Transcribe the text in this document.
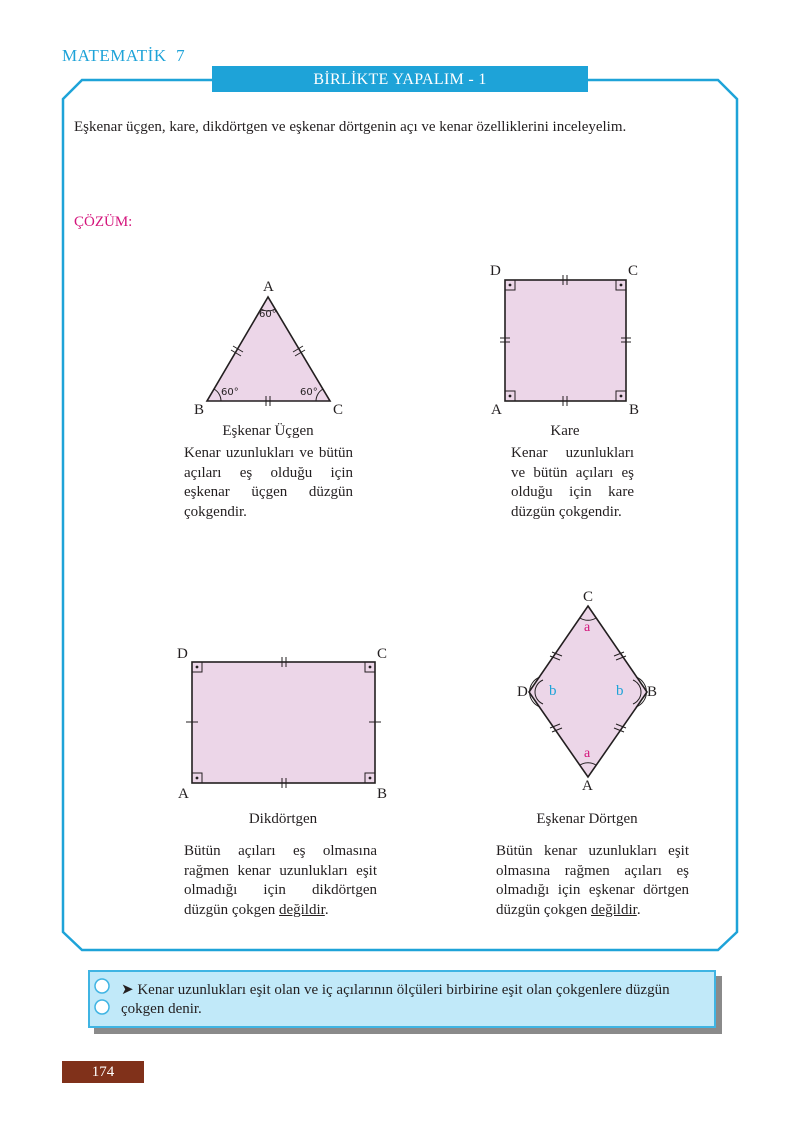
MATEMATİK 7
BİRLİKTE YAPALIM - 1
Eşkenar üçgen, kare, dikdörtgen ve eşkenar dörtgenin açı ve kenar özelliklerini inceleyelim.
ÇÖZÜM:
A
B	C
60°
60°	60°
Eşkenar Üçgen
Kenar uzunlukları ve bütün açıları eş olduğu için eşkenar üçgen düzgün çokgendir.
D	C
A	B
Kare
Kenar uzunlukları ve bütün açıları eş olduğu için kare düzgün çokgendir.
D	C
A	B
Dikdörtgen
Bütün açıları eş olmasına rağmen kenar uzunlukları eşit olmadığı için dikdörtgen düzgün çokgen değildir.
C
D	B
A
a
a
b	b
Eşkenar Dörtgen
Bütün kenar uzunlukları eşit olmasına rağmen açıları eş olmadığı için eşkenar dörtgen düzgün çokgen değildir.
➤ Kenar uzunlukları eşit olan ve iç açılarının ölçüleri birbirine eşit olan çokgenlere düzgün çokgen denir.
174
